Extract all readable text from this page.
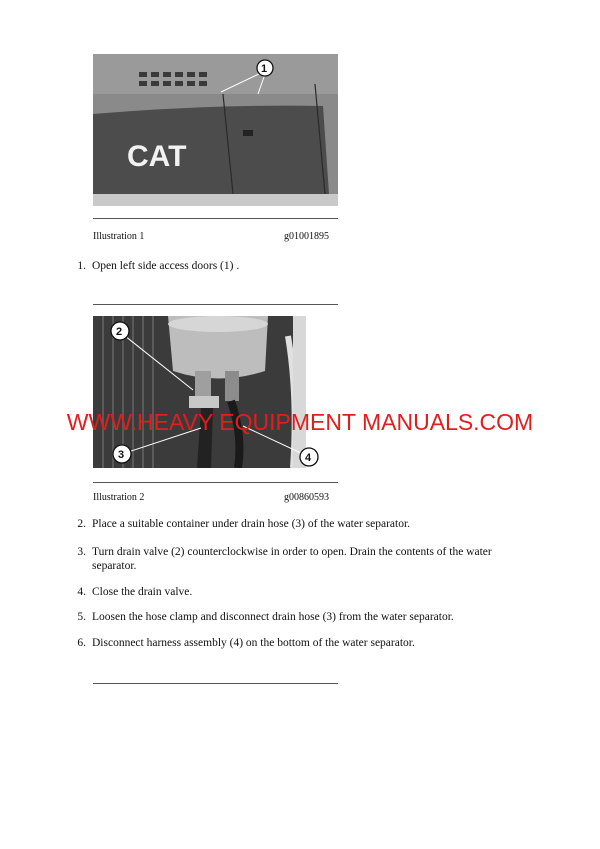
CAT
1
Illustration 1	g01001895
1. Open left side access doors (1) .
2
3	4
Illustration 2	g00860593
WWW.HEAVY EQUIPMENT MANUALS.COM
2. Place a suitable container under drain hose (3) of the water separator.
3. Turn drain valve (2) counterclockwise in order to open. Drain the contents of the water
separator.
4. Close the drain valve.
5. Loosen the hose clamp and disconnect drain hose (3) from the water separator.
6. Disconnect harness assembly (4) on the bottom of the water separator.
